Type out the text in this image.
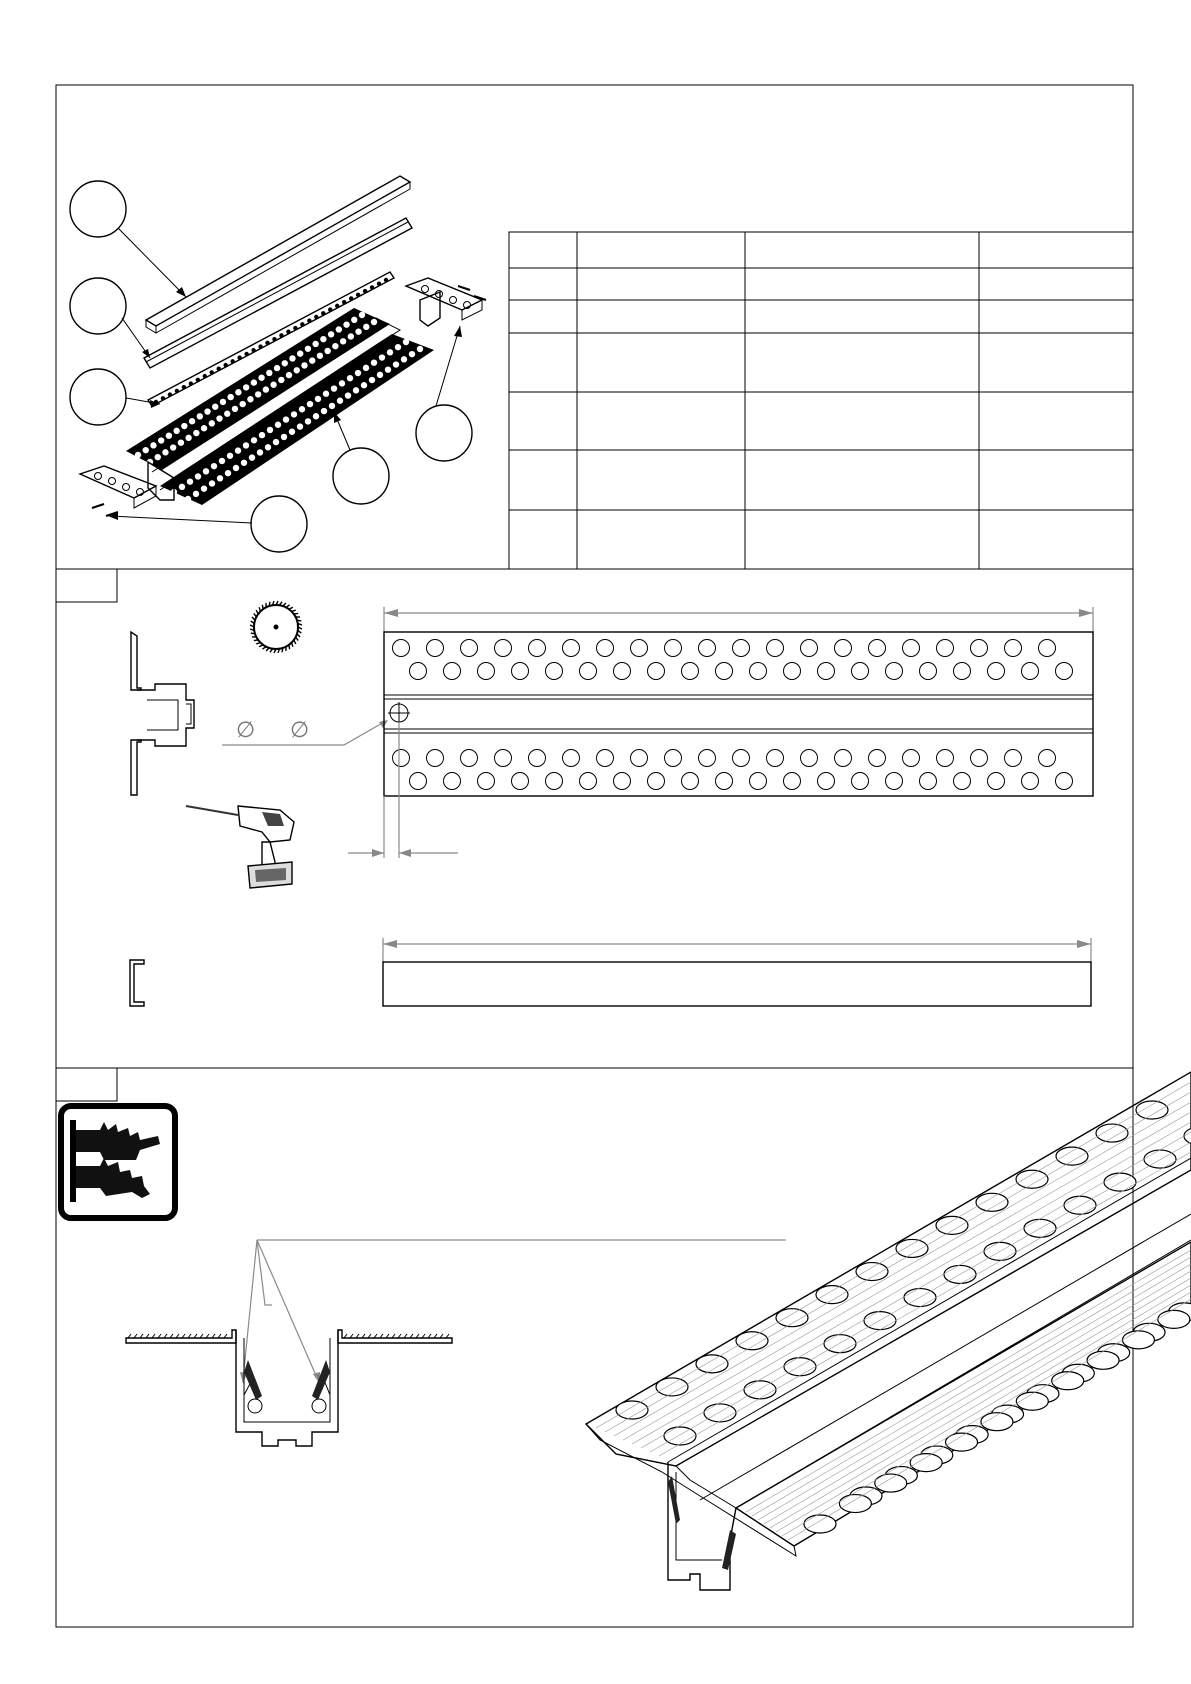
∅ ∅
